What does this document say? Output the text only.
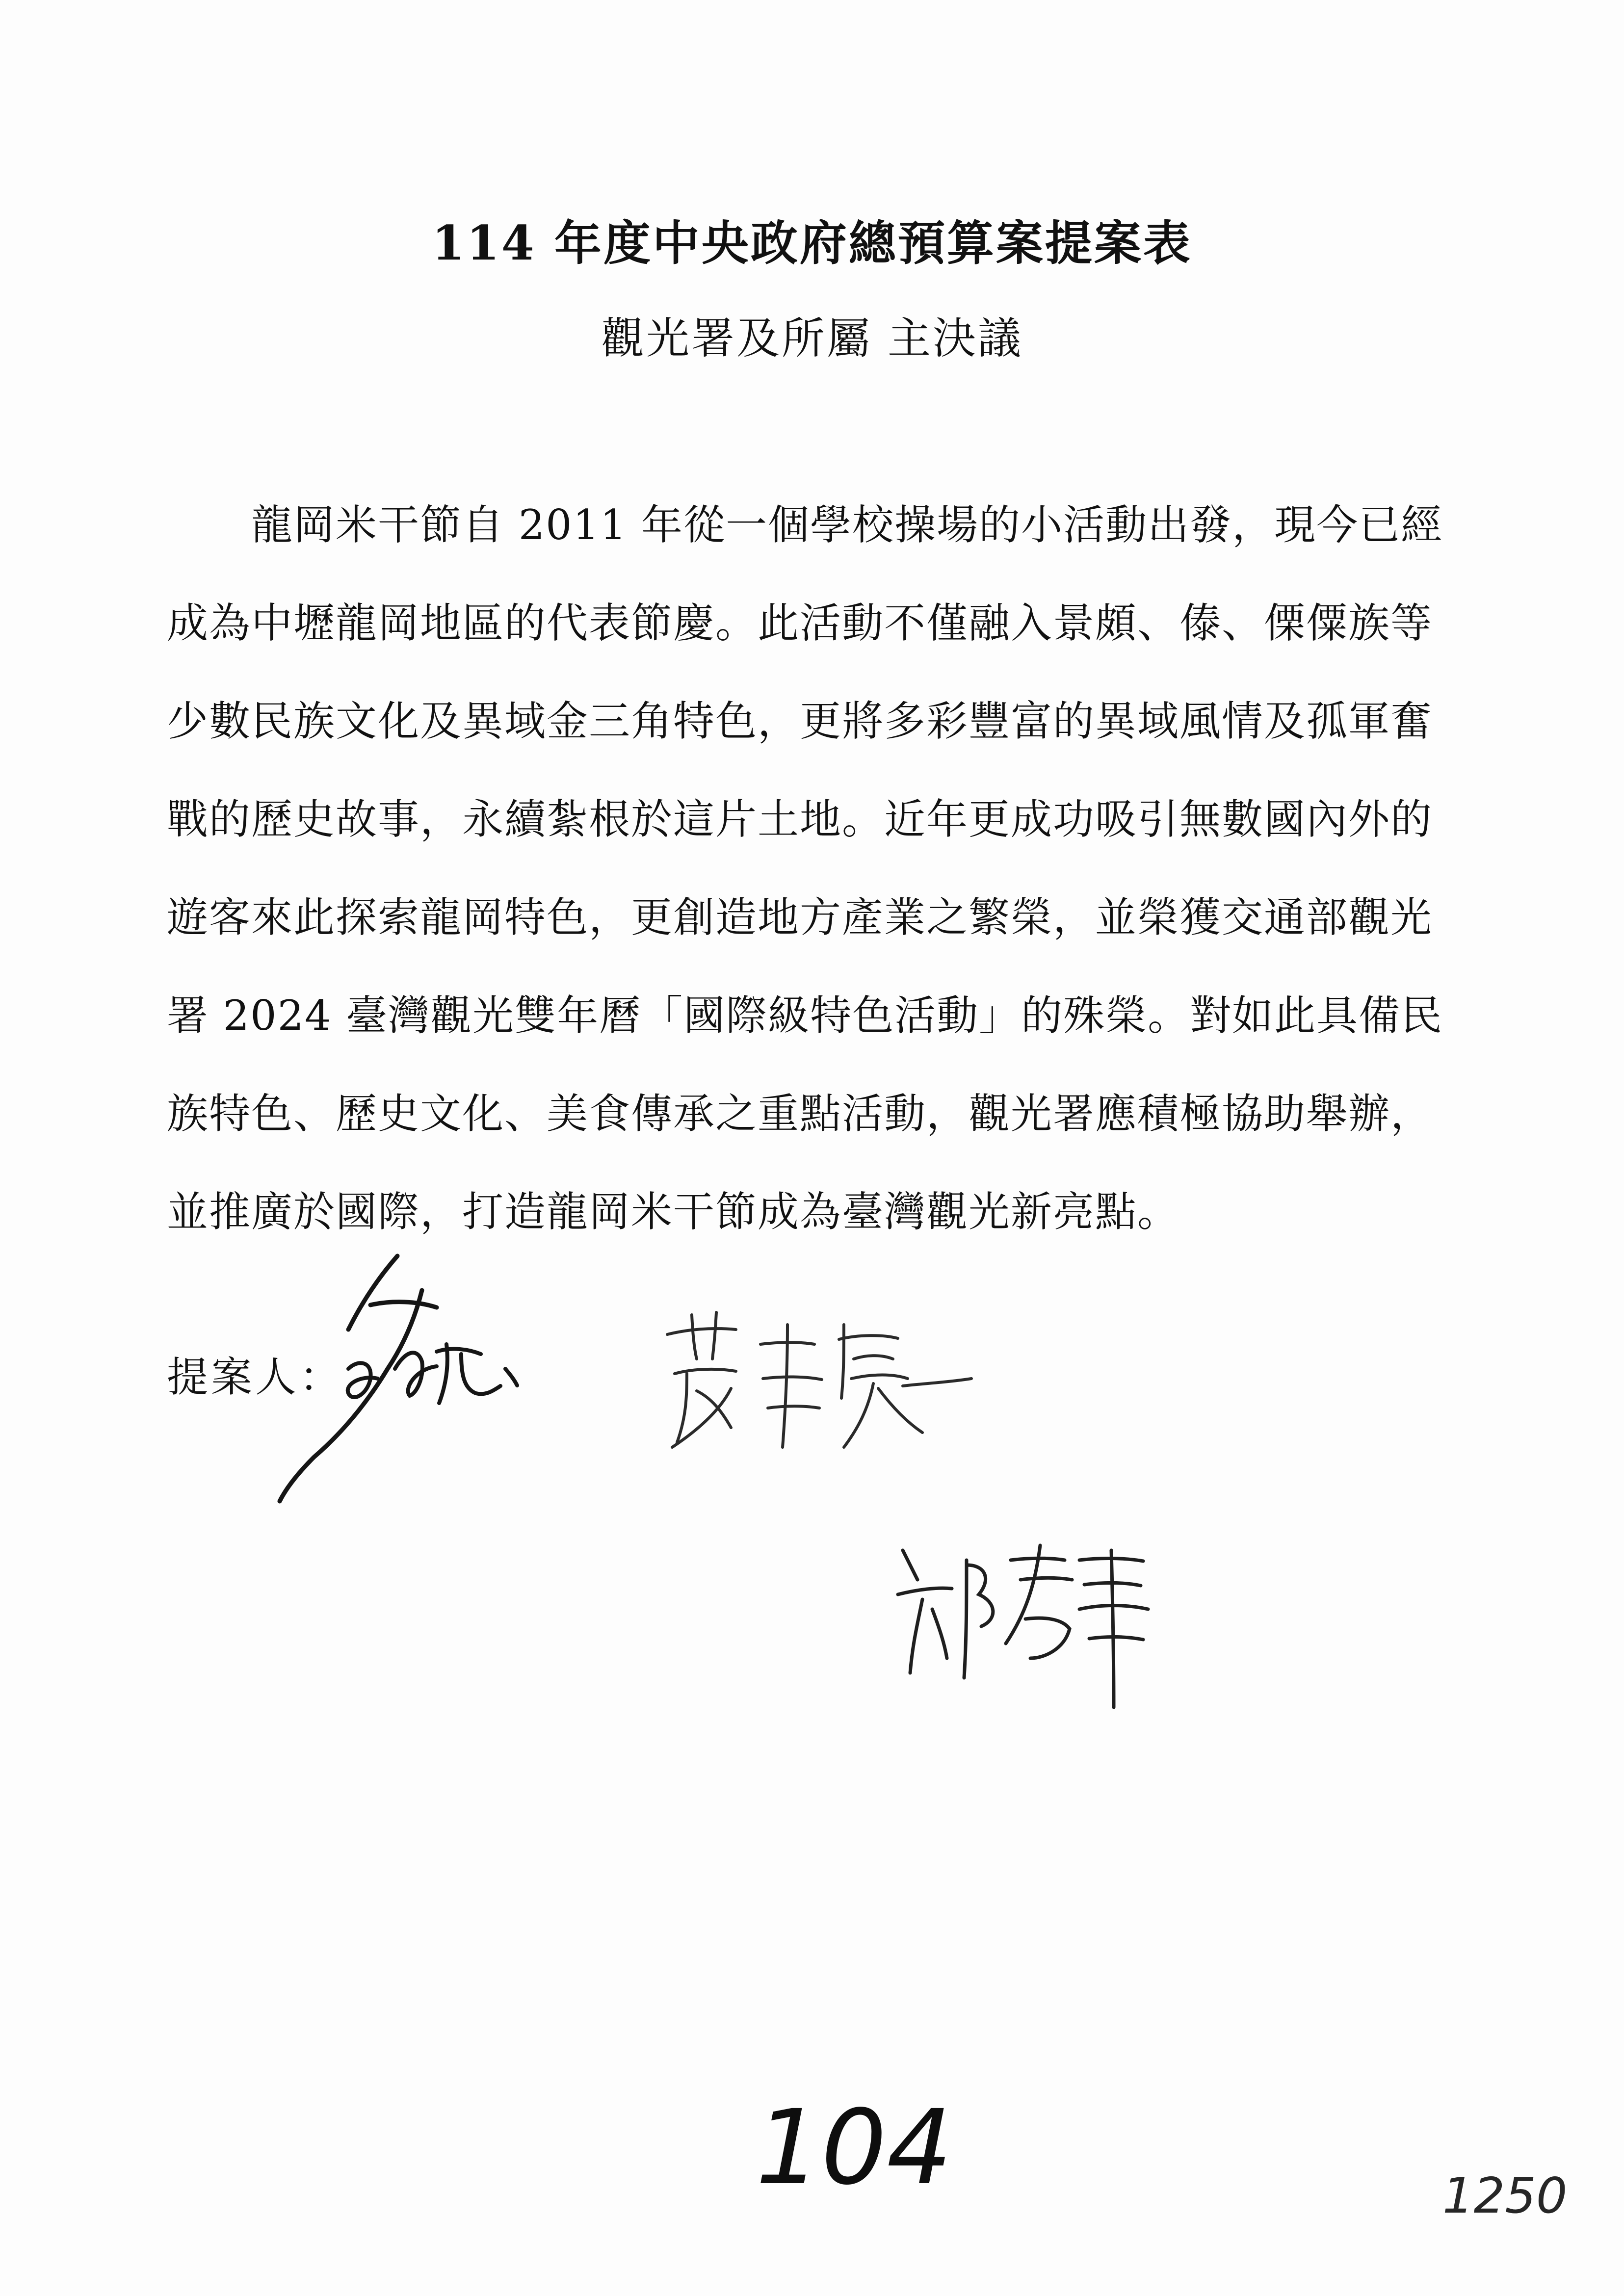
114 年度中央政府總預算案提案表
觀光署及所屬 主決議
　　龍岡米干節自 2011 年從一個學校操場的小活動出發，現今已經
成為中壢龍岡地區的代表節慶。此活動不僅融入景頗、傣、傈僳族等
少數民族文化及異域金三角特色，更將多彩豐富的異域風情及孤軍奮
戰的歷史故事，永續紮根於這片土地。近年更成功吸引無數國內外的
遊客來此探索龍岡特色，更創造地方產業之繁榮，並榮獲交通部觀光
署 2024 臺灣觀光雙年曆「國際級特色活動」的殊榮。對如此具備民
族特色、歷史文化、美食傳承之重點活動，觀光署應積極協助舉辦，
並推廣於國際，打造龍岡米干節成為臺灣觀光新亮點。
提案人：
104	1250
